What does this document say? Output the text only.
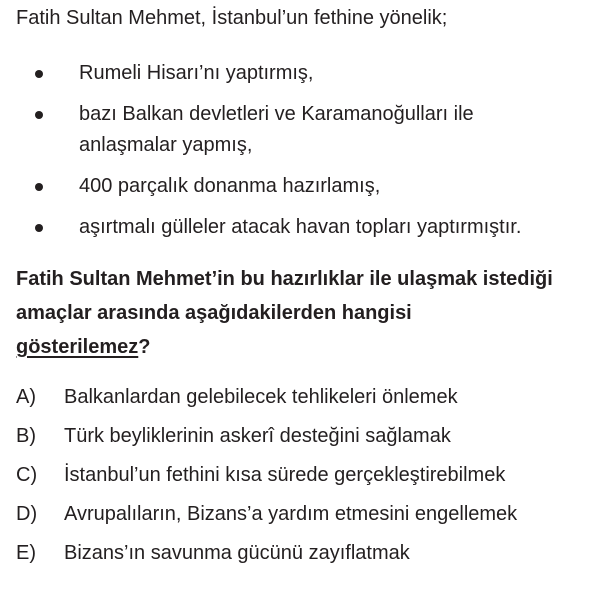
Fatih Sultan Mehmet, İstanbul’un fethine yönelik;
Rumeli Hisarı’nı yaptırmış,
bazı Balkan devletleri ve Karamanoğulları ile anlaşmalar yapmış,
400 parçalık donanma hazırlamış,
aşırtmalı gülleler atacak havan topları yaptırmıştır.
Fatih Sultan Mehmet’in bu hazırlıklar ile ulaşmak istediği amaçlar arasında aşağıdakilerden hangisi
gösterilemez?
A)	Balkanlardan gelebilecek tehlikeleri önlemek
B)	Türk beyliklerinin askerî desteğini sağlamak
C)	İstanbul’un fethini kısa sürede gerçekleştirebilmek
D)	Avrupalıların, Bizans’a yardım etmesini engellemek
E)	Bizans’ın savunma gücünü zayıflatmak
